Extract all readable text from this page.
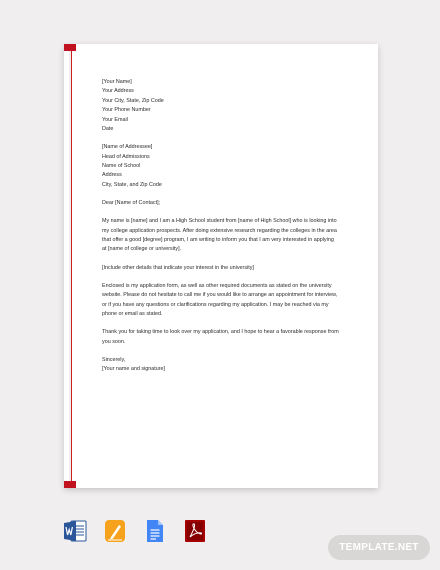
[Your Name]
Your Address
Your City, State, Zip Code
Your Phone Number
Your Email
Date
[Name of Addressee]
Head of Admissions
Name of School
Address
City, State, and Zip Code
Dear [Name of Contact];
My name is [name] and I am a High School student from [name of High School] who is looking into
my college application prospects. After doing extensive research regarding the colleges in the area
that offer a good [degree] program, I am writing to inform you that I am very interested in applying
at [name of college or university].
[Include other details that indicate your interest in the university]
Enclosed is my application form, as well as other required documents as stated on the university
website. Please do not hesitate to call me if you would like to arrange an appointment for interview,
or if you have any questions or clarifications regarding my application. I may be reached via my
phone or email as stated.
Thank you for taking time to look over my application, and I hope to hear a favorable response from
you soon.
Sincerely,
[Your name and signature]
TEMPLATE.NET
